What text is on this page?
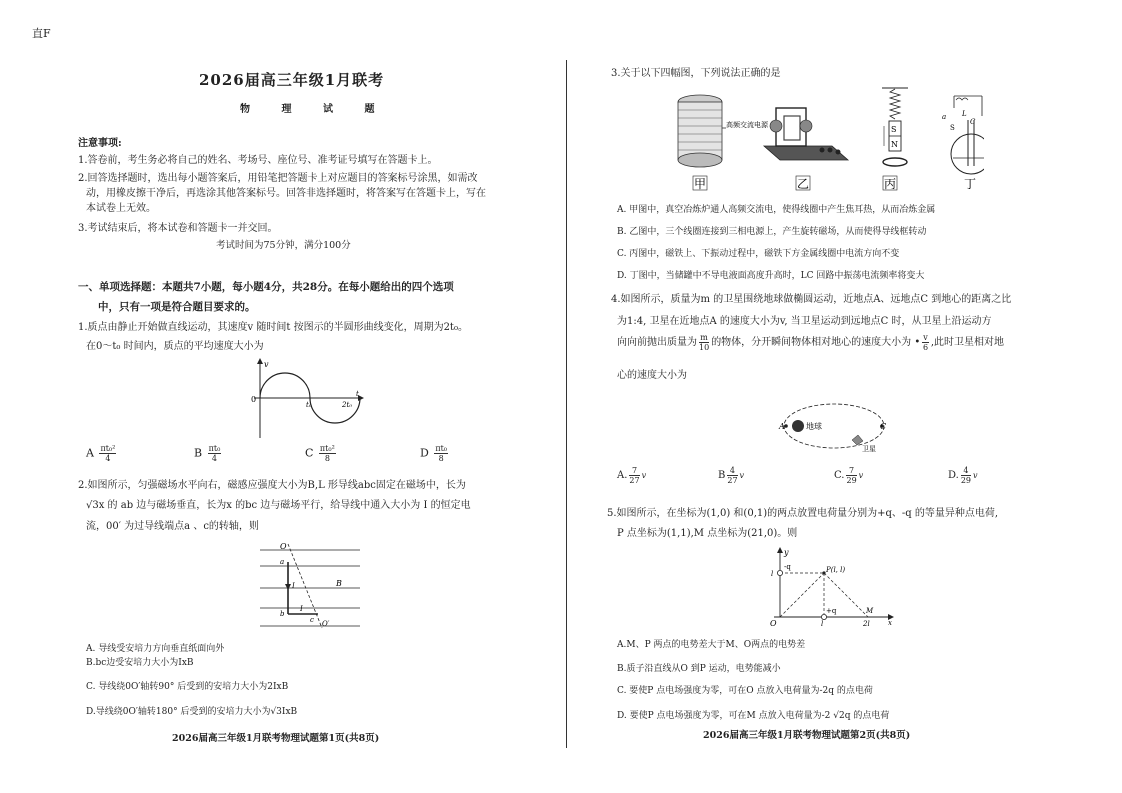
直F
2026届高三年级1月联考
物 理 试 题
注意事项:
1.答卷前，考生务必将自己的姓名、考场号、座位号、准考证号填写在答题卡上。
2.回答选择题时，选出每小题答案后，用铅笔把答题卡上对应题目的答案标号涂黑，如需改
动，用橡皮擦干净后，再选涂其他答案标号。回答非选择题时，将答案写在答题卡上，写在
本试卷上无效。
3.考试结束后，将本试卷和答题卡一并交回。
考试时间为75分钟，满分100分
一、单项选择题：本题共7小题，每小题4分，共28分。在每小题给出的四个选项
中，只有一项是符合题目要求的。
1.质点由静止开始做直线运动，其速度v 随时间t 按图示的半圆形曲线变化，周期为2t₀。
在0～t₀ 时间内，质点的平均速度大小为
v
0
t₀	2t₀
t
A $\frac{\text{πt₀²}}{4}$	B $\frac{\text{πt₀}}{4}$	C $\frac{\text{πt₀²}}{8}$	D $\frac{\text{πt₀}}{8}$
2.如图所示，匀强磁场水平向右，磁感应强度大小为B,L 形导线abc固定在磁场中，长为
√3x 的 ab 边与磁场垂直，长为x 的bc 边与磁场平行，给导线中通入大小为 I 的恒定电
流，00′ 为过导线端点a 、c的转轴，则
O
a
I	B
b
I
c O′
A. 导线受安培力方向垂直纸面向外
B.bc边受安培力大小为IxB
C. 导线绕0O′轴转90° 后受到的安培力大小为2IxB
D.导线绕0O′轴转180° 后受到的安培力大小为√3IxB
2026届高三年级1月联考物理试题第1页(共8页)
3.关于以下四幅图，下列说法正确的是
高频交流电源	S
N
a L
C
S
甲	乙	丙	丁
A. 甲图中，真空冶炼炉通人高频交流电，使得线圈中产生焦耳热，从而冶炼金属
B. 乙图中，三个线圈连接到三相电源上，产生旋转磁场，从而使得导线框转动
C. 丙图中，磁铁上、下振动过程中，磁铁下方金属线圈中电流方向不变
D. 丁图中，当储罐中不导电液面高度升高时，LC 回路中振荡电流频率将变大
4.如图所示，质量为m 的卫星围绕地球做椭圆运动，近地点A、远地点C 到地心的距离之比
为1:4, 卫星在近地点A 的速度大小为v, 当卫星运动到远地点C 时，从卫星上沿运动方
向向前抛出质量为 $\frac{m}{10}$ 的物体，分开瞬间物体相对地心的速度大小为 • $\frac{v}{6}$ ,此时卫星相对地
心的速度大小为
A	地球	C
卫星
A. $\frac{7}{27}$ v	B $\frac{4}{27}$ v	C. $\frac{7}{29}$ v	D. $\frac{4}{29}$ v
5.如图所示，在坐标为(1,0) 和(0,1)的两点放置电荷量分别为+q、-q 的等量异种点电荷,
P 点坐标为(1,1),M 点坐标为(21,0)。则
y
-q
l	P(l, l)
O
+q	M
l	2l	x
A.M、P 两点的电势差大于M、O两点的电势差
B.质子沿直线从O 到P 运动，电势能减小
C. 要使P 点电场强度为零，可在O 点放入电荷量为-2q 的点电荷
D. 要使P 点电场强度为零，可在M 点放入电荷量为-2 √2q 的点电荷
2026届高三年级1月联考物理试题第2页(共8页)
